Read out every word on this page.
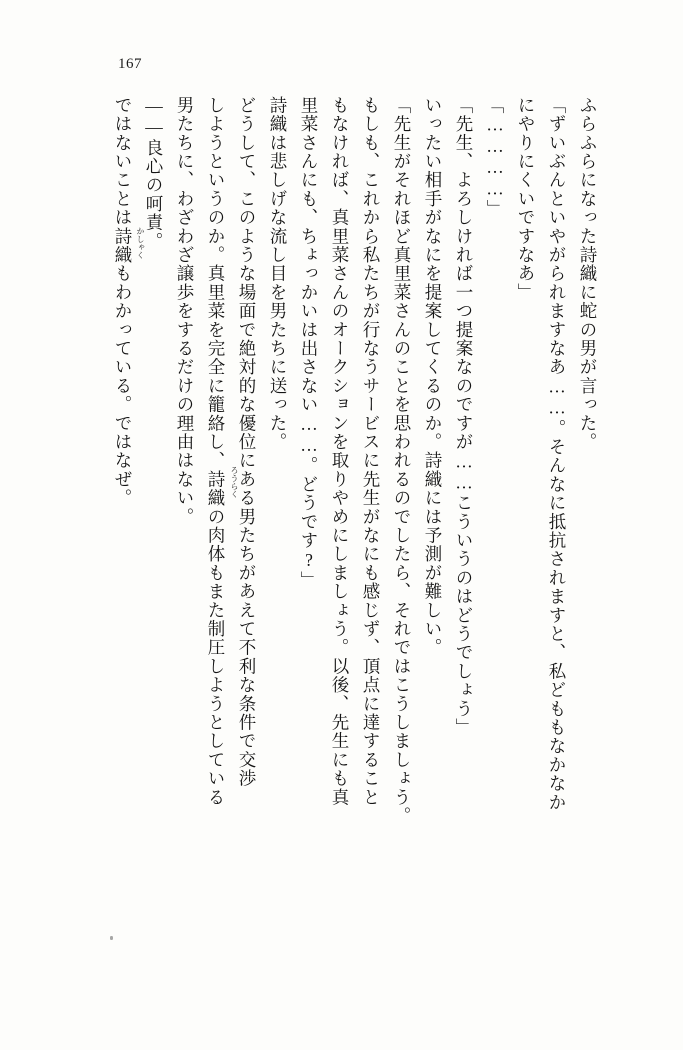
167
ふらふらになった詩織に蛇の男が言った。
「ずいぶんといやがられますなあ……。そんなに抵抗されますと、私どももなかなか
にやりにくいですなあ」
「…………」
「先生、よろしければ一つ提案なのですが……こういうのはどうでしょう」
いったい相手がなにを提案してくるのか。詩織には予測が難しい。
「先生がそれほど真里菜さんのことを思われるのでしたら、それではこうしましょう。
もしも、これから私たちが行なうサービスに先生がなにも感じず、頂点に達すること
もなければ、真里菜さんのオークションを取りやめにしましょう。以後、先生にも真
里菜さんにも、ちょっかいは出さない……。どうです?」
詩織は悲しげな流し目を男たちに送った。
どうして、このような場面で絶対的な優位にある男たちがあえて不利な条件で交渉
しようというのか。真里菜を完全に籠絡し、詩織の肉体もまた制圧しようとしている
男たちに、わざわざ譲歩をするだけの理由はない。
——良心の呵責。
ではないことは詩織もわかっている。ではなぜ。 かしゃく
ろうらく
